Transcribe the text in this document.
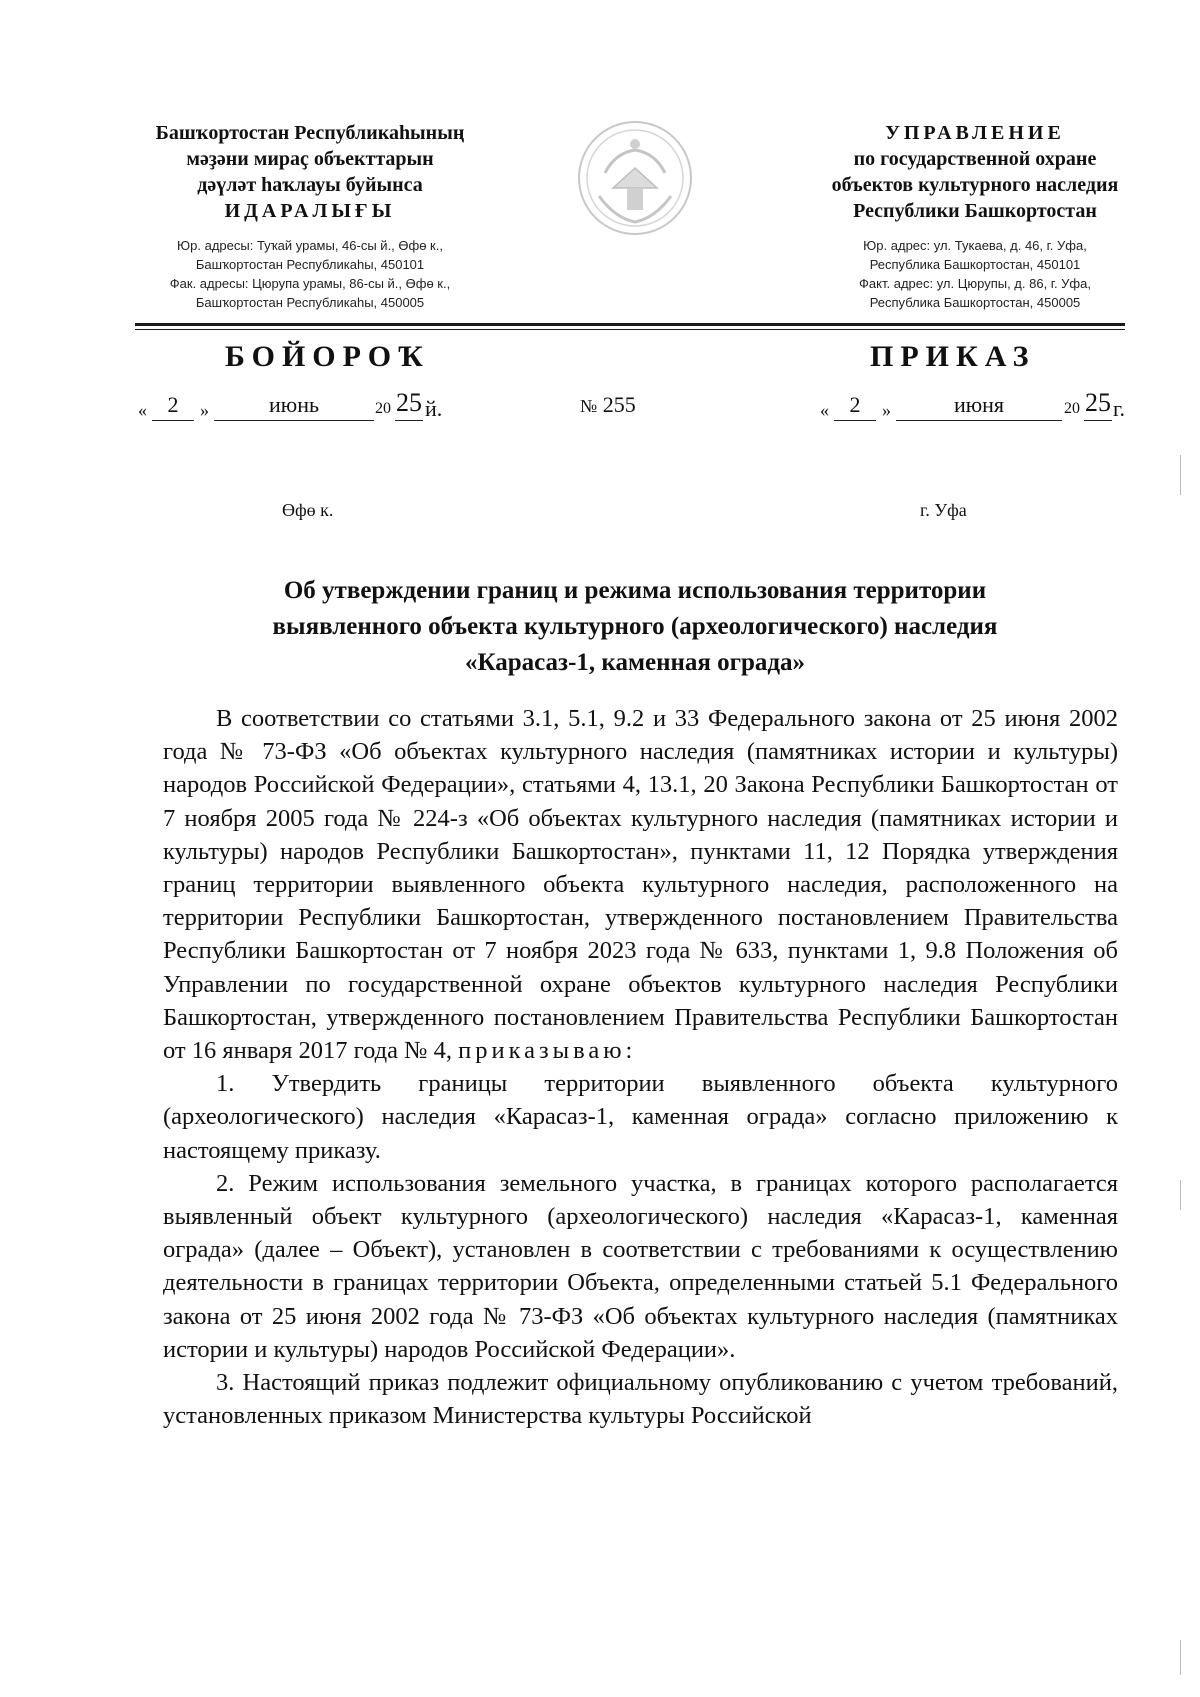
Башҡортостан Республикаһының
мәҙәни мираҫ объекттарын
дәүләт һаҡлауы буйынса
ИДАРАЛЫҒЫ
Юр. адресы: Туҡай урамы, 46-сы й., Өфө к.,
Башҡортостан Республикаһы, 450101
Фак. адресы: Цюрупа урамы, 86-сы й., Өфө к.,
Башҡортостан Республикаһы, 450005
УПРАВЛЕНИЕ
по государственной охране
объектов культурного наследия
Республики Башкортостан
Юр. адрес: ул. Тукаева, д. 46, г. Уфа,
Республика Башкортостан, 450101
Факт. адрес: ул. Цюрупы, д. 86, г. Уфа,
Республика Башкортостан, 450005
БОЙОРОҠ	ПРИКАЗ
« 2	»	июнь	20 25 й.	№ 255	« 2	»	июня	20 25 г.
Өфө к.	г. Уфа
Об утверждении границ и режима использования территории
выявленного объекта культурного (археологического) наследия
«Карасаз-1, каменная ограда»

В соответствии со статьями 3.1, 5.1, 9.2 и 33 Федерального закона от 25 июня 2002 года № 73-ФЗ «Об объектах культурного наследия (памятниках истории и культуры) народов Российской Федерации», статьями 4, 13.1, 20 Закона Республики Башкортостан от 7 ноября 2005 года № 224-з «Об объектах культурного наследия (памятниках истории и культуры) народов Республики Башкортостан», пунктами 11, 12 Порядка утверждения границ территории выявленного объекта культурного наследия, расположенного на территории Республики Башкортостан, утвержденного постановлением Правительства Республики Башкортостан от 7 ноября 2023 года № 633, пунктами 1, 9.8 Положения об Управлении по государственной охране объектов культурного наследия Республики Башкортостан, утвержденного постановлением Правительства Республики Башкортостан от 16 января 2017 года № 4, приказываю:

1. Утвердить границы территории выявленного объекта культурного (археологического) наследия «Карасаз-1, каменная ограда» согласно приложению к настоящему приказу.

2. Режим использования земельного участка, в границах которого располагается выявленный объект культурного (археологического) наследия «Карасаз-1, каменная ограда» (далее – Объект), установлен в соответствии с требованиями к осуществлению деятельности в границах территории Объекта, определенными статьей 5.1 Федерального закона от 25 июня 2002 года № 73-ФЗ «Об объектах культурного наследия (памятниках истории и культуры) народов Российской Федерации».

3. Настоящий приказ подлежит официальному опубликованию с учетом требований, установленных приказом Министерства культуры Российской
